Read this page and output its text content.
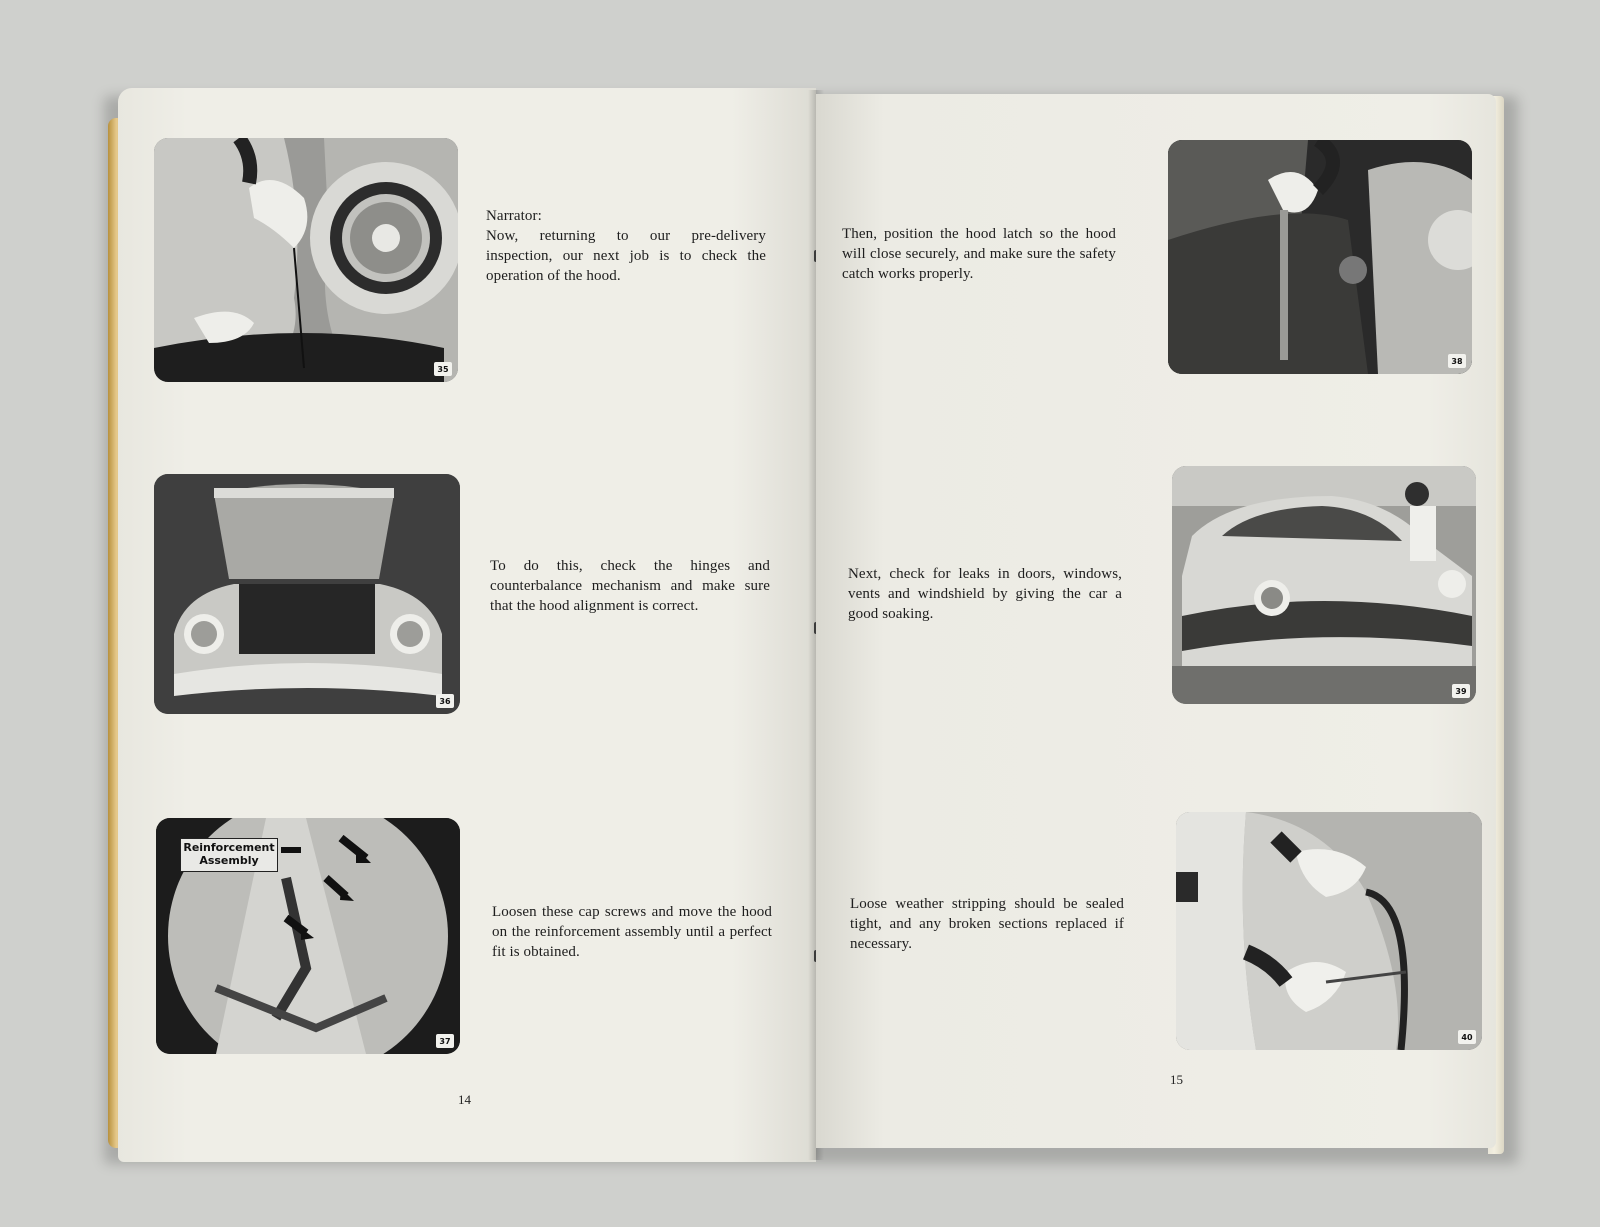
35
Narrator:

Now, returning to our pre-delivery inspection, our next job is to check the operation of the hood.

36

To do this, check the hinges and counterbalance mechanism and make sure that the hood alignment is correct.

Reinforcement Assembly
37

Loosen these cap screws and move the hood on the reinforcement assembly until a perfect fit is obtained.

14
38

Then, position the hood latch so the hood will close securely, and make sure the safety catch works properly.

39

Next, check for leaks in doors, windows, vents and windshield by giving the car a good soaking.

40

Loose weather stripping should be sealed tight, and any broken sections replaced if necessary.

15
